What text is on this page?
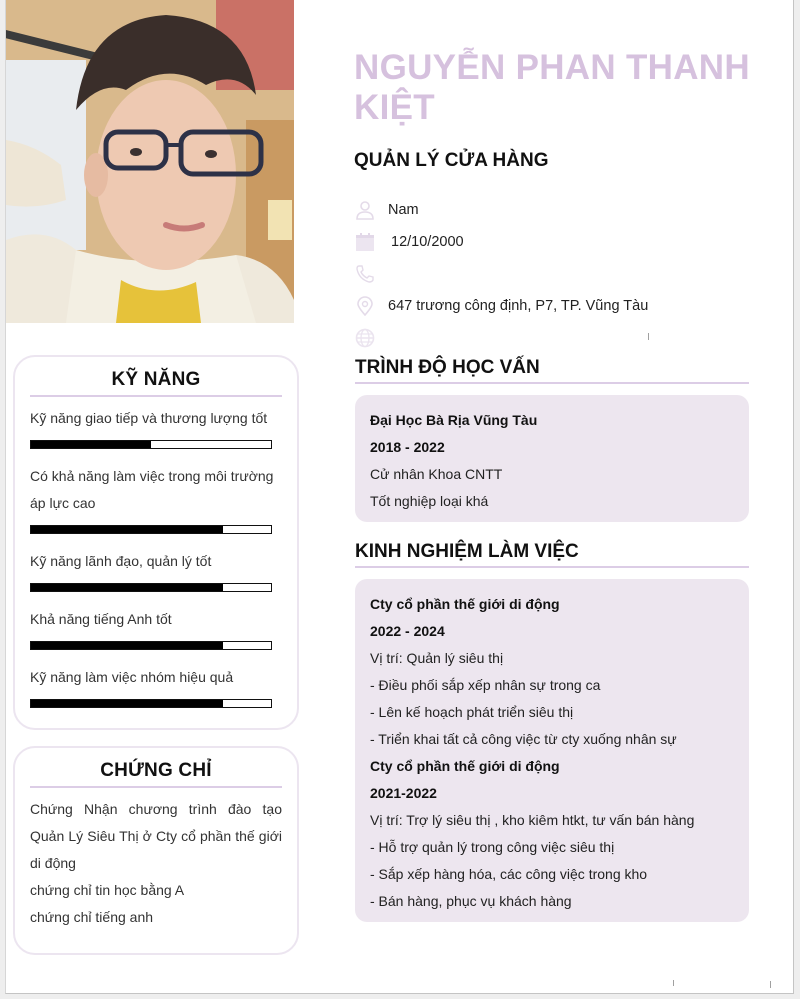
KỸ NĂNG
Kỹ năng giao tiếp và thương lượng tốt
Có khả năng làm việc trong môi trường áp lực cao
Kỹ năng lãnh đạo, quản lý tốt
Khả năng tiếng Anh tốt
Kỹ năng làm việc nhóm hiệu quả
CHỨNG CHỈ
Chứng Nhận chương trình đào tạo Quản Lý Siêu Thị ở Cty cổ phần thế giới di động
chứng chỉ tin học bằng A
chứng chỉ tiếng anh
NGUYỄN PHAN THANH KIỆT
QUẢN LÝ CỬA HÀNG
Nam
12/10/2000
647 trương công định, P7, TP. Vũng Tàu
TRÌNH ĐỘ HỌC VẤN
Đại Học Bà Rịa Vũng Tàu
2018 - 2022
Cử nhân Khoa CNTT
Tốt nghiệp loại khá
KINH NGHIỆM LÀM VIỆC
Cty cổ phần thế giới di động
2022 - 2024
Vị trí: Quản lý siêu thị
- Điều phối sắp xếp nhân sự trong ca
- Lên kế hoạch phát triển siêu thị
- Triển khai tất cả công việc từ cty xuống nhân sự
Cty cổ phần thế giới di động
2021-2022
Vị trí: Trợ lý siêu thị , kho kiêm htkt, tư vấn bán hàng
- Hỗ trợ quản lý trong công việc siêu thị
- Sắp xếp hàng hóa, các công việc trong kho
- Bán hàng, phục vụ khách hàng
